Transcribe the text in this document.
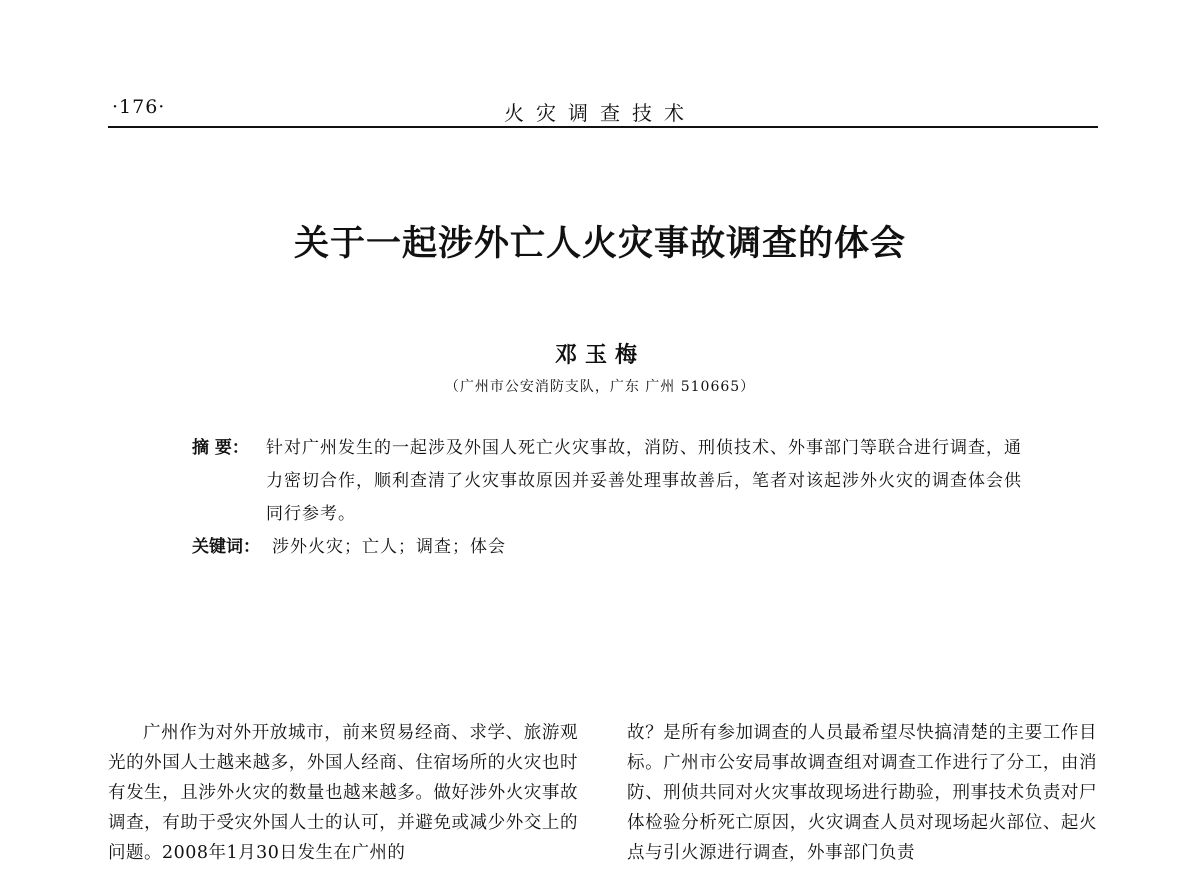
·176·	火灾调查技术
关于一起涉外亡人火灾事故调查的体会
邓玉梅
（广州市公安消防支队，广东 广州 510665）
摘 要：	针对广州发生的一起涉及外国人死亡火灾事故，消防、刑侦技术、外事部门等联合进行调查，通力密切合作，顺利查清了火灾事故原因并妥善处理事故善后，笔者对该起涉外火灾的调查体会供同行参考。
关键词： 涉外火灾；亡人；调查；体会

广州作为对外开放城市，前来贸易经商、求学、旅游观光的外国人士越来越多，外国人经商、住宿场所的火灾也时有发生，且涉外火灾的数量也越来越多。做好涉外火灾事故调查，有助于受灾外国人士的认可，并避免或减少外交上的问题。2008年1月30日发生在广州的

故？是所有参加调查的人员最希望尽快搞清楚的主要工作目标。广州市公安局事故调查组对调查工作进行了分工，由消防、刑侦共同对火灾事故现场进行勘验，刑事技术负责对尸体检验分析死亡原因，火灾调查人员对现场起火部位、起火点与引火源进行调查，外事部门负责
